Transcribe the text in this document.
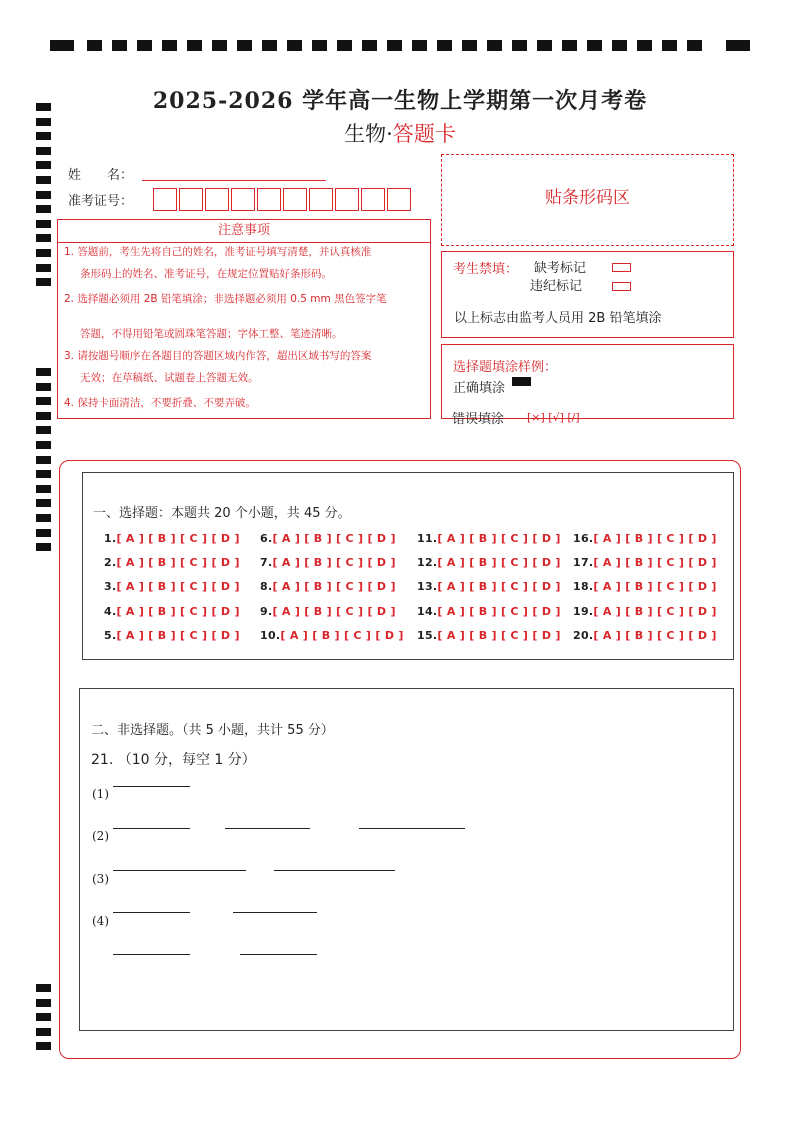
2025-2026 学年高一生物上学期第一次月考卷
生物·答题卡
姓　　名：
准考证号：
注意事项
1. 答题前，考生先将自己的姓名，准考证号填写清楚，并认真核准
条形码上的姓名、准考证号，在规定位置贴好条形码。
2. 选择题必须用 2B 铅笔填涂；非选择题必须用 0.5 mm 黑色签字笔
答题，不得用铅笔或圆珠笔答题；字体工整、笔迹清晰。
3. 请按题号顺序在各题目的答题区域内作答，超出区域书写的答案
无效；在草稿纸、试题卷上答题无效。
4. 保持卡面清洁，不要折叠、不要弄破。
贴条形码区
考生禁填： 缺考标记
违纪标记
以上标志由监考人员用 2B 铅笔填涂
选择题填涂样例：
正确填涂
错误填涂 [×] [√] [/]
一、选择题：本题共 20 个小题，共 45 分。
1.[ A ] [ B ] [ C ] [ D ]
2.[ A ] [ B ] [ C ] [ D ]
3.[ A ] [ B ] [ C ] [ D ]
4.[ A ] [ B ] [ C ] [ D ]
5.[ A ] [ B ] [ C ] [ D ]
6.[ A ] [ B ] [ C ] [ D ]
7.[ A ] [ B ] [ C ] [ D ]
8.[ A ] [ B ] [ C ] [ D ]
9.[ A ] [ B ] [ C ] [ D ]
10.[ A ] [ B ] [ C ] [ D ]
11.[ A ] [ B ] [ C ] [ D ]
12.[ A ] [ B ] [ C ] [ D ]
13.[ A ] [ B ] [ C ] [ D ]
14.[ A ] [ B ] [ C ] [ D ]
15.[ A ] [ B ] [ C ] [ D ]
16.[ A ] [ B ] [ C ] [ D ]
17.[ A ] [ B ] [ C ] [ D ]
18.[ A ] [ B ] [ C ] [ D ]
19.[ A ] [ B ] [ C ] [ D ]
20.[ A ] [ B ] [ C ] [ D ]
二、非选择题。（共 5 小题，共计 55 分）
21. （10 分，每空 1 分）
(1)
(2)
(3)
(4)
